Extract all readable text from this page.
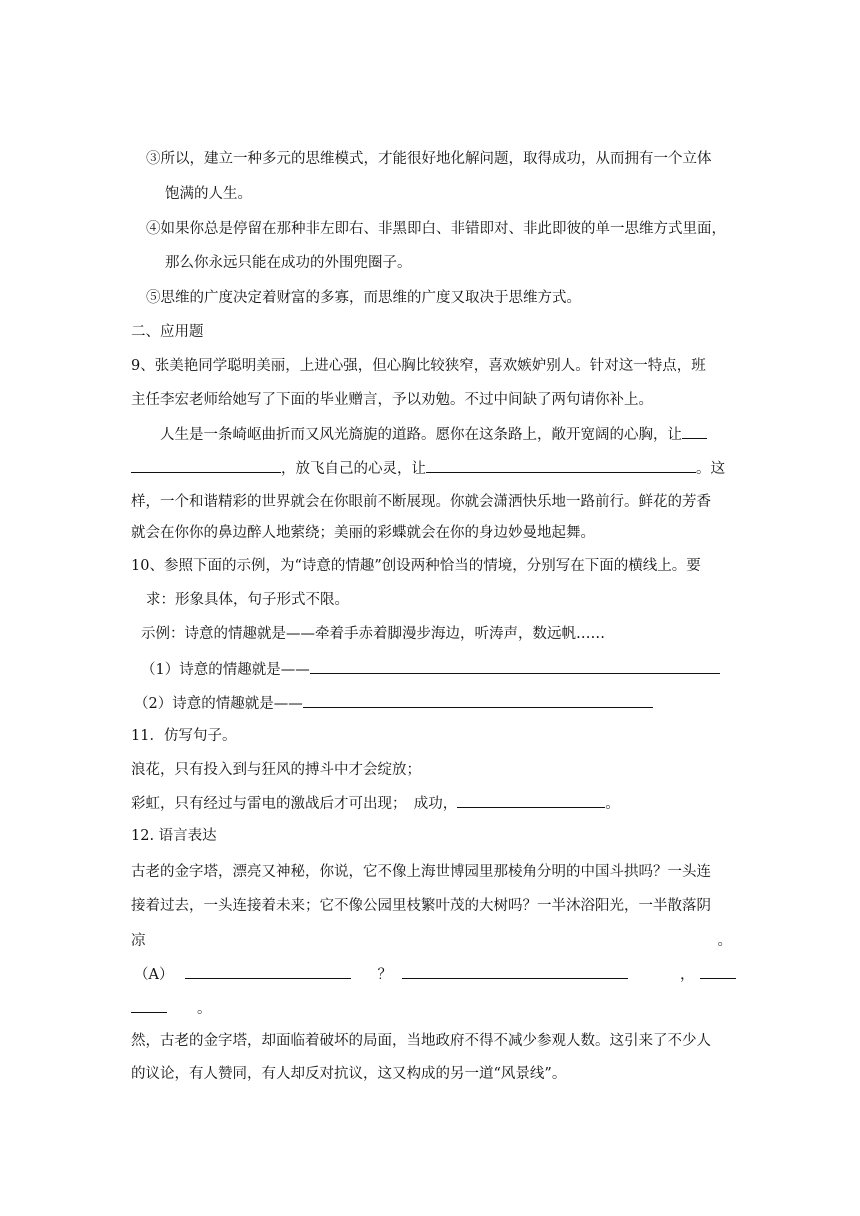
③所以，建立一种多元的思维模式，才能很好地化解问题，取得成功，从而拥有一个立体
饱满的人生。
④如果你总是停留在那种非左即右、非黑即白、非错即对、非此即彼的单一思维方式里面，
那么你永远只能在成功的外围兜圈子。
⑤思维的广度决定着财富的多寡，而思维的广度又取决于思维方式。
二、应用题
9、张美艳同学聪明美丽，上进心强，但心胸比较狭窄，喜欢嫉妒别人。针对这一特点，班
主任李宏老师给她写了下面的毕业赠言，予以劝勉。不过中间缺了两句请你补上。
人生是一条崎岖曲折而又风光旖旎的道路。愿你在这条路上，敞开宽阔的心胸，让
，放飞自己的心灵，让	。这
样，一个和谐精彩的世界就会在你眼前不断展现。你就会潇洒快乐地一路前行。鲜花的芳香
就会在你你的鼻边醉人地萦绕；美丽的彩蝶就会在你的身边妙曼地起舞。
10、参照下面的示例，为“诗意的情趣”创设两种恰当的情境，分别写在下面的横线上。要
求：形象具体，句子形式不限。
示例：诗意的情趣就是——牵着手赤着脚漫步海边，听涛声，数远帆……
（1）诗意的情趣就是——
（2）诗意的情趣就是——
11．仿写句子。
浪花，只有投入到与狂风的搏斗中才会绽放；
彩虹，只有经过与雷电的激战后才可出现；　成功，	。
12. 语言表达
古老的金字塔，漂亮又神秘，你说，它不像上海世博园里那棱角分明的中国斗拱吗？一头连
接着过去，一头连接着未来；它不像公园里枝繁叶茂的大树吗？一半沐浴阳光，一半散落阴
凉	。
（A）	？	，
。
然，古老的金字塔，却面临着破坏的局面，当地政府不得不减少参观人数。这引来了不少人
的议论，有人赞同，有人却反对抗议，这又构成的另一道“风景线”。
